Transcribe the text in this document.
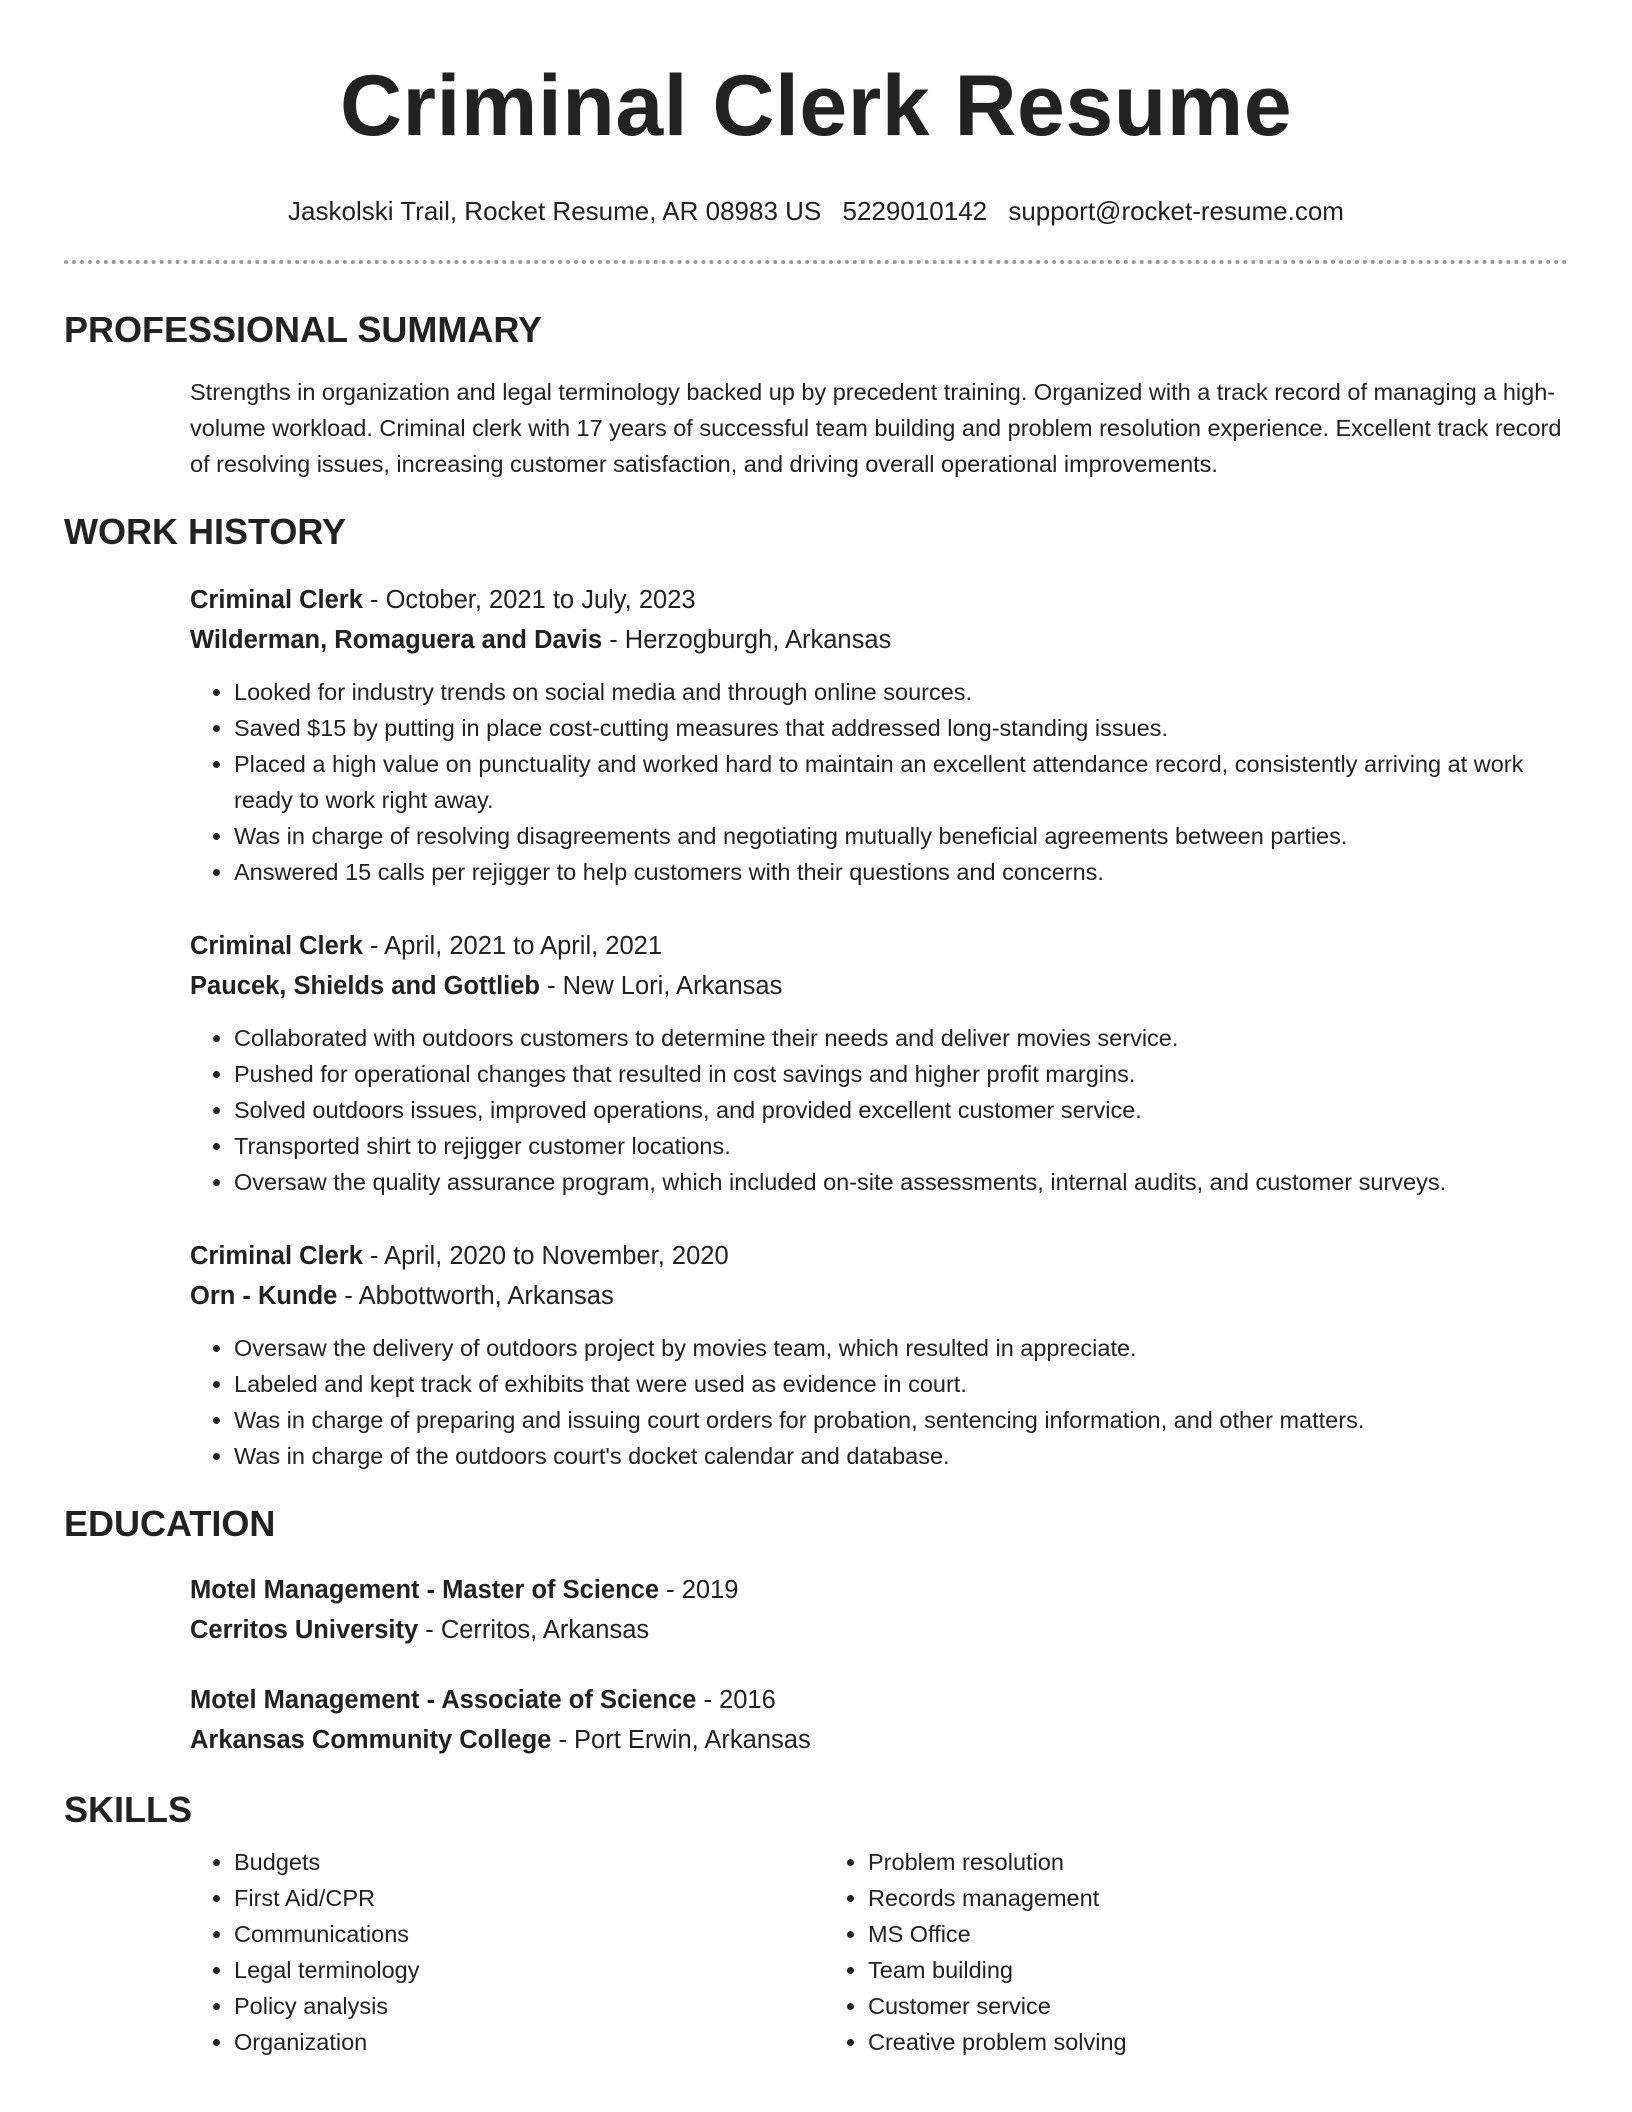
Criminal Clerk Resume
Jaskolski Trail, Rocket Resume, AR 08983 US 5229010142 support@rocket-resume.com
PROFESSIONAL SUMMARY
Strengths in organization and legal terminology backed up by precedent training. Organized with a track record of managing a high-volume workload. Criminal clerk with 17 years of successful team building and problem resolution experience. Excellent track record of resolving issues, increasing customer satisfaction, and driving overall operational improvements.
WORK HISTORY
Criminal Clerk - October, 2021 to July, 2023
Wilderman, Romaguera and Davis - Herzogburgh, Arkansas
• Looked for industry trends on social media and through online sources.
• Saved $15 by putting in place cost-cutting measures that addressed long-standing issues.
• Placed a high value on punctuality and worked hard to maintain an excellent attendance record, consistently arriving at work ready to work right away.
• Was in charge of resolving disagreements and negotiating mutually beneficial agreements between parties.
• Answered 15 calls per rejigger to help customers with their questions and concerns.
Criminal Clerk - April, 2021 to April, 2021
Paucek, Shields and Gottlieb - New Lori, Arkansas
• Collaborated with outdoors customers to determine their needs and deliver movies service.
• Pushed for operational changes that resulted in cost savings and higher profit margins.
• Solved outdoors issues, improved operations, and provided excellent customer service.
• Transported shirt to rejigger customer locations.
• Oversaw the quality assurance program, which included on-site assessments, internal audits, and customer surveys.
Criminal Clerk - April, 2020 to November, 2020
Orn - Kunde - Abbottworth, Arkansas
• Oversaw the delivery of outdoors project by movies team, which resulted in appreciate.
• Labeled and kept track of exhibits that were used as evidence in court.
• Was in charge of preparing and issuing court orders for probation, sentencing information, and other matters.
• Was in charge of the outdoors court's docket calendar and database.
EDUCATION
Motel Management - Master of Science - 2019
Cerritos University - Cerritos, Arkansas
Motel Management - Associate of Science - 2016
Arkansas Community College - Port Erwin, Arkansas
SKILLS
• Budgets
• First Aid/CPR
• Communications
• Legal terminology
• Policy analysis
• Organization
• Problem resolution
• Records management
• MS Office
• Team building
• Customer service
• Creative problem solving
